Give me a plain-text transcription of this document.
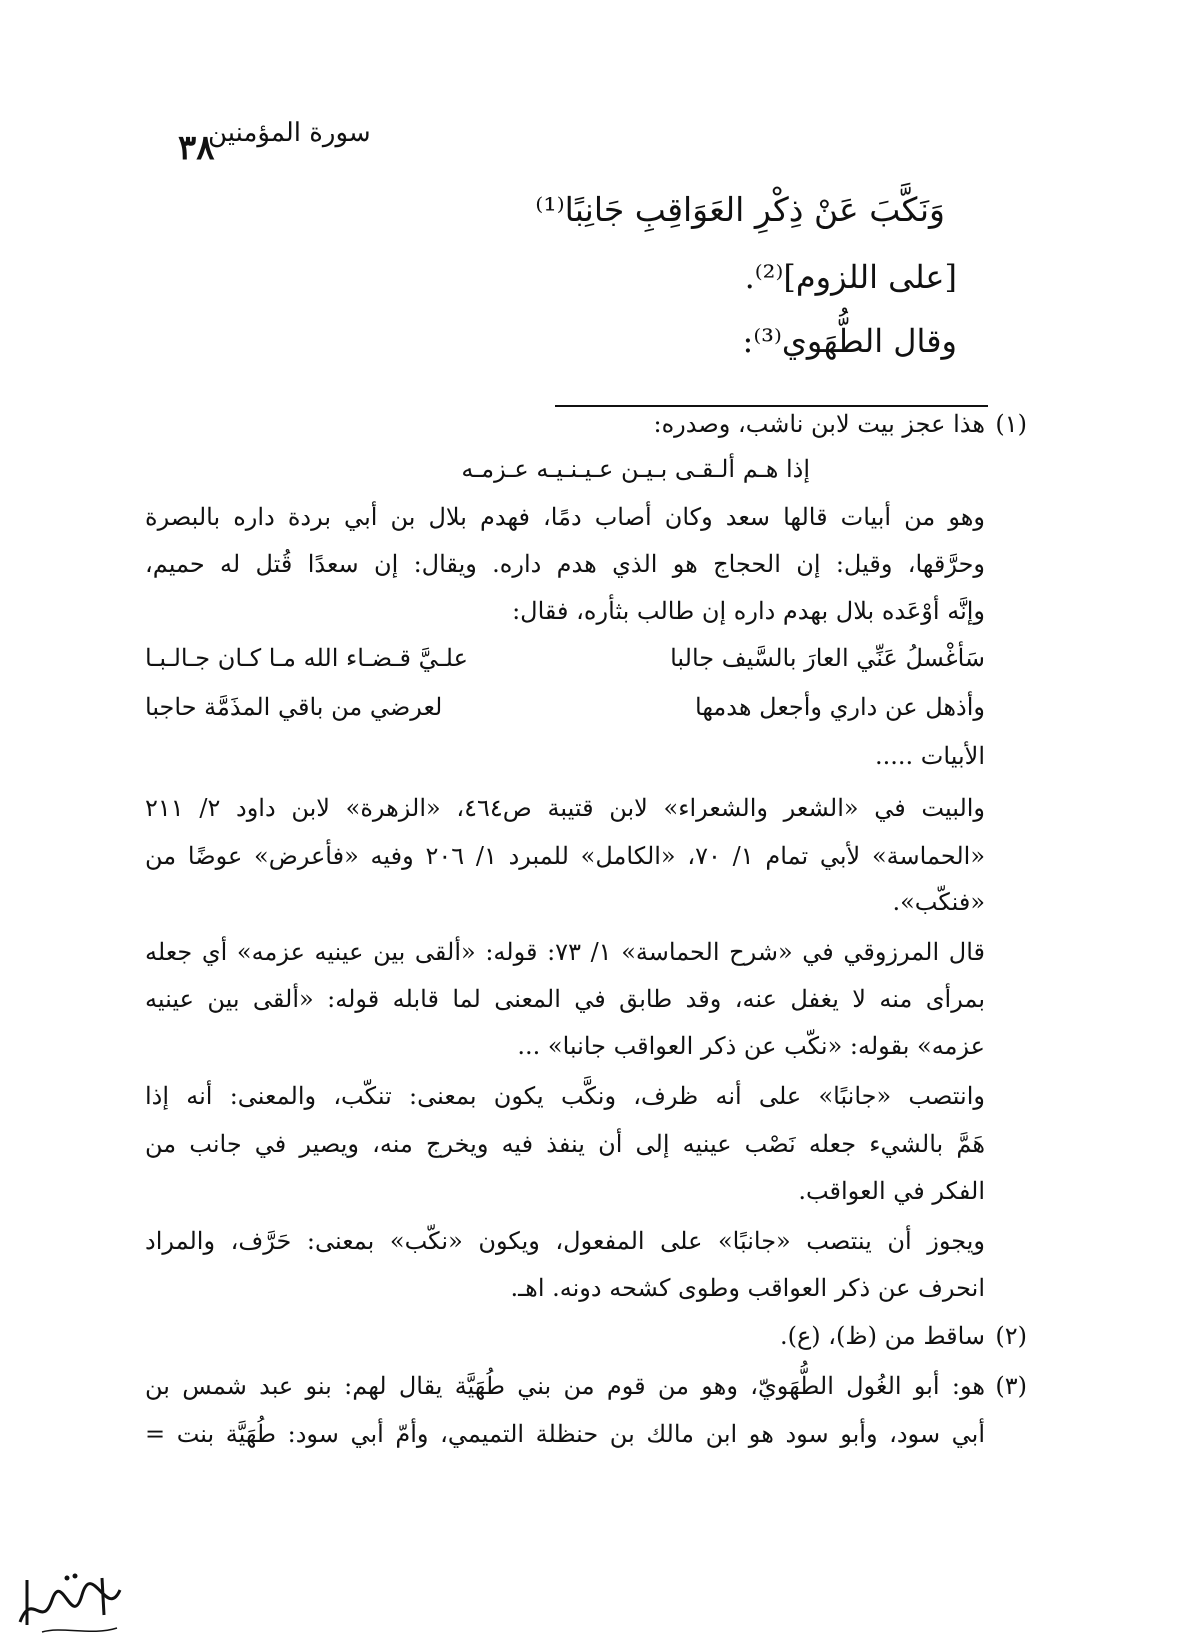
٣٨
سورة المؤمنين
وَنَكَّبَ عَنْ ذِكْرِ العَوَاقِبِ جَانِبًا⁽¹⁾
[على اللزوم]⁽²⁾.
وقال الطُّهَوي⁽³⁾:
(١)
هذا عجز بيت لابن ناشب، وصدره:
إذا هـم ألـقـى بـيـن عـيـنـيـه عـزمـه
وهو من أبيات قالها سعد وكان أصاب دمًا، فهدم بلال بن أبي بردة داره بالبصرة
وحرَّقها، وقيل: إن الحجاج هو الذي هدم داره. ويقال: إن سعدًا قُتل له حميم،
وإنَّه أوْعَده بلال بهدم داره إن طالب بثأره، فقال:
سَأغْسلُ عَنِّي العارَ بالسَّيف جالبا
علـيَّ قـضـاء الله مـا كـان جـالـبـا
وأذهل عن داري وأجعل هدمها
لعرضي من باقي المذَمَّة حاجبا
الأبيات .....
والبيت في «الشعر والشعراء» لابن قتيبة ص٤٦٤، «الزهرة» لابن داود ٢/ ٢١١
«الحماسة» لأبي تمام ١/ ٧٠، «الكامل» للمبرد ١/ ٢٠٦ وفيه «فأعرض» عوضًا من
«فنكّب».
قال المرزوقي في «شرح الحماسة» ١/ ٧٣: قوله: «ألقى بين عينيه عزمه» أي جعله
بمرأى منه لا يغفل عنه، وقد طابق في المعنى لما قابله قوله: «ألقى بين عينيه
عزمه» بقوله: «نكّب عن ذكر العواقب جانبا» ...
وانتصب «جانبًا» على أنه ظرف، ونكَّب يكون بمعنى: تنكّب، والمعنى: أنه إذا
هَمَّ بالشيء جعله نَصْب عينيه إلى أن ينفذ فيه ويخرج منه، ويصير في جانب من
الفكر في العواقب.
ويجوز أن ينتصب «جانبًا» على المفعول، ويكون «نكّب» بمعنى: حَرَّف، والمراد
انحرف عن ذكر العواقب وطوى كشحه دونه. اهـ.
(٢)
ساقط من (ظ)، (ع).
(٣)
هو: أبو الغُول الطُّهَويّ، وهو من قوم من بني طُهَيَّة يقال لهم: بنو عبد شمس بن
أبي سود، وأبو سود هو ابن مالك بن حنظلة التميمي، وأمّ أبي سود: طُهَيَّة بنت =
